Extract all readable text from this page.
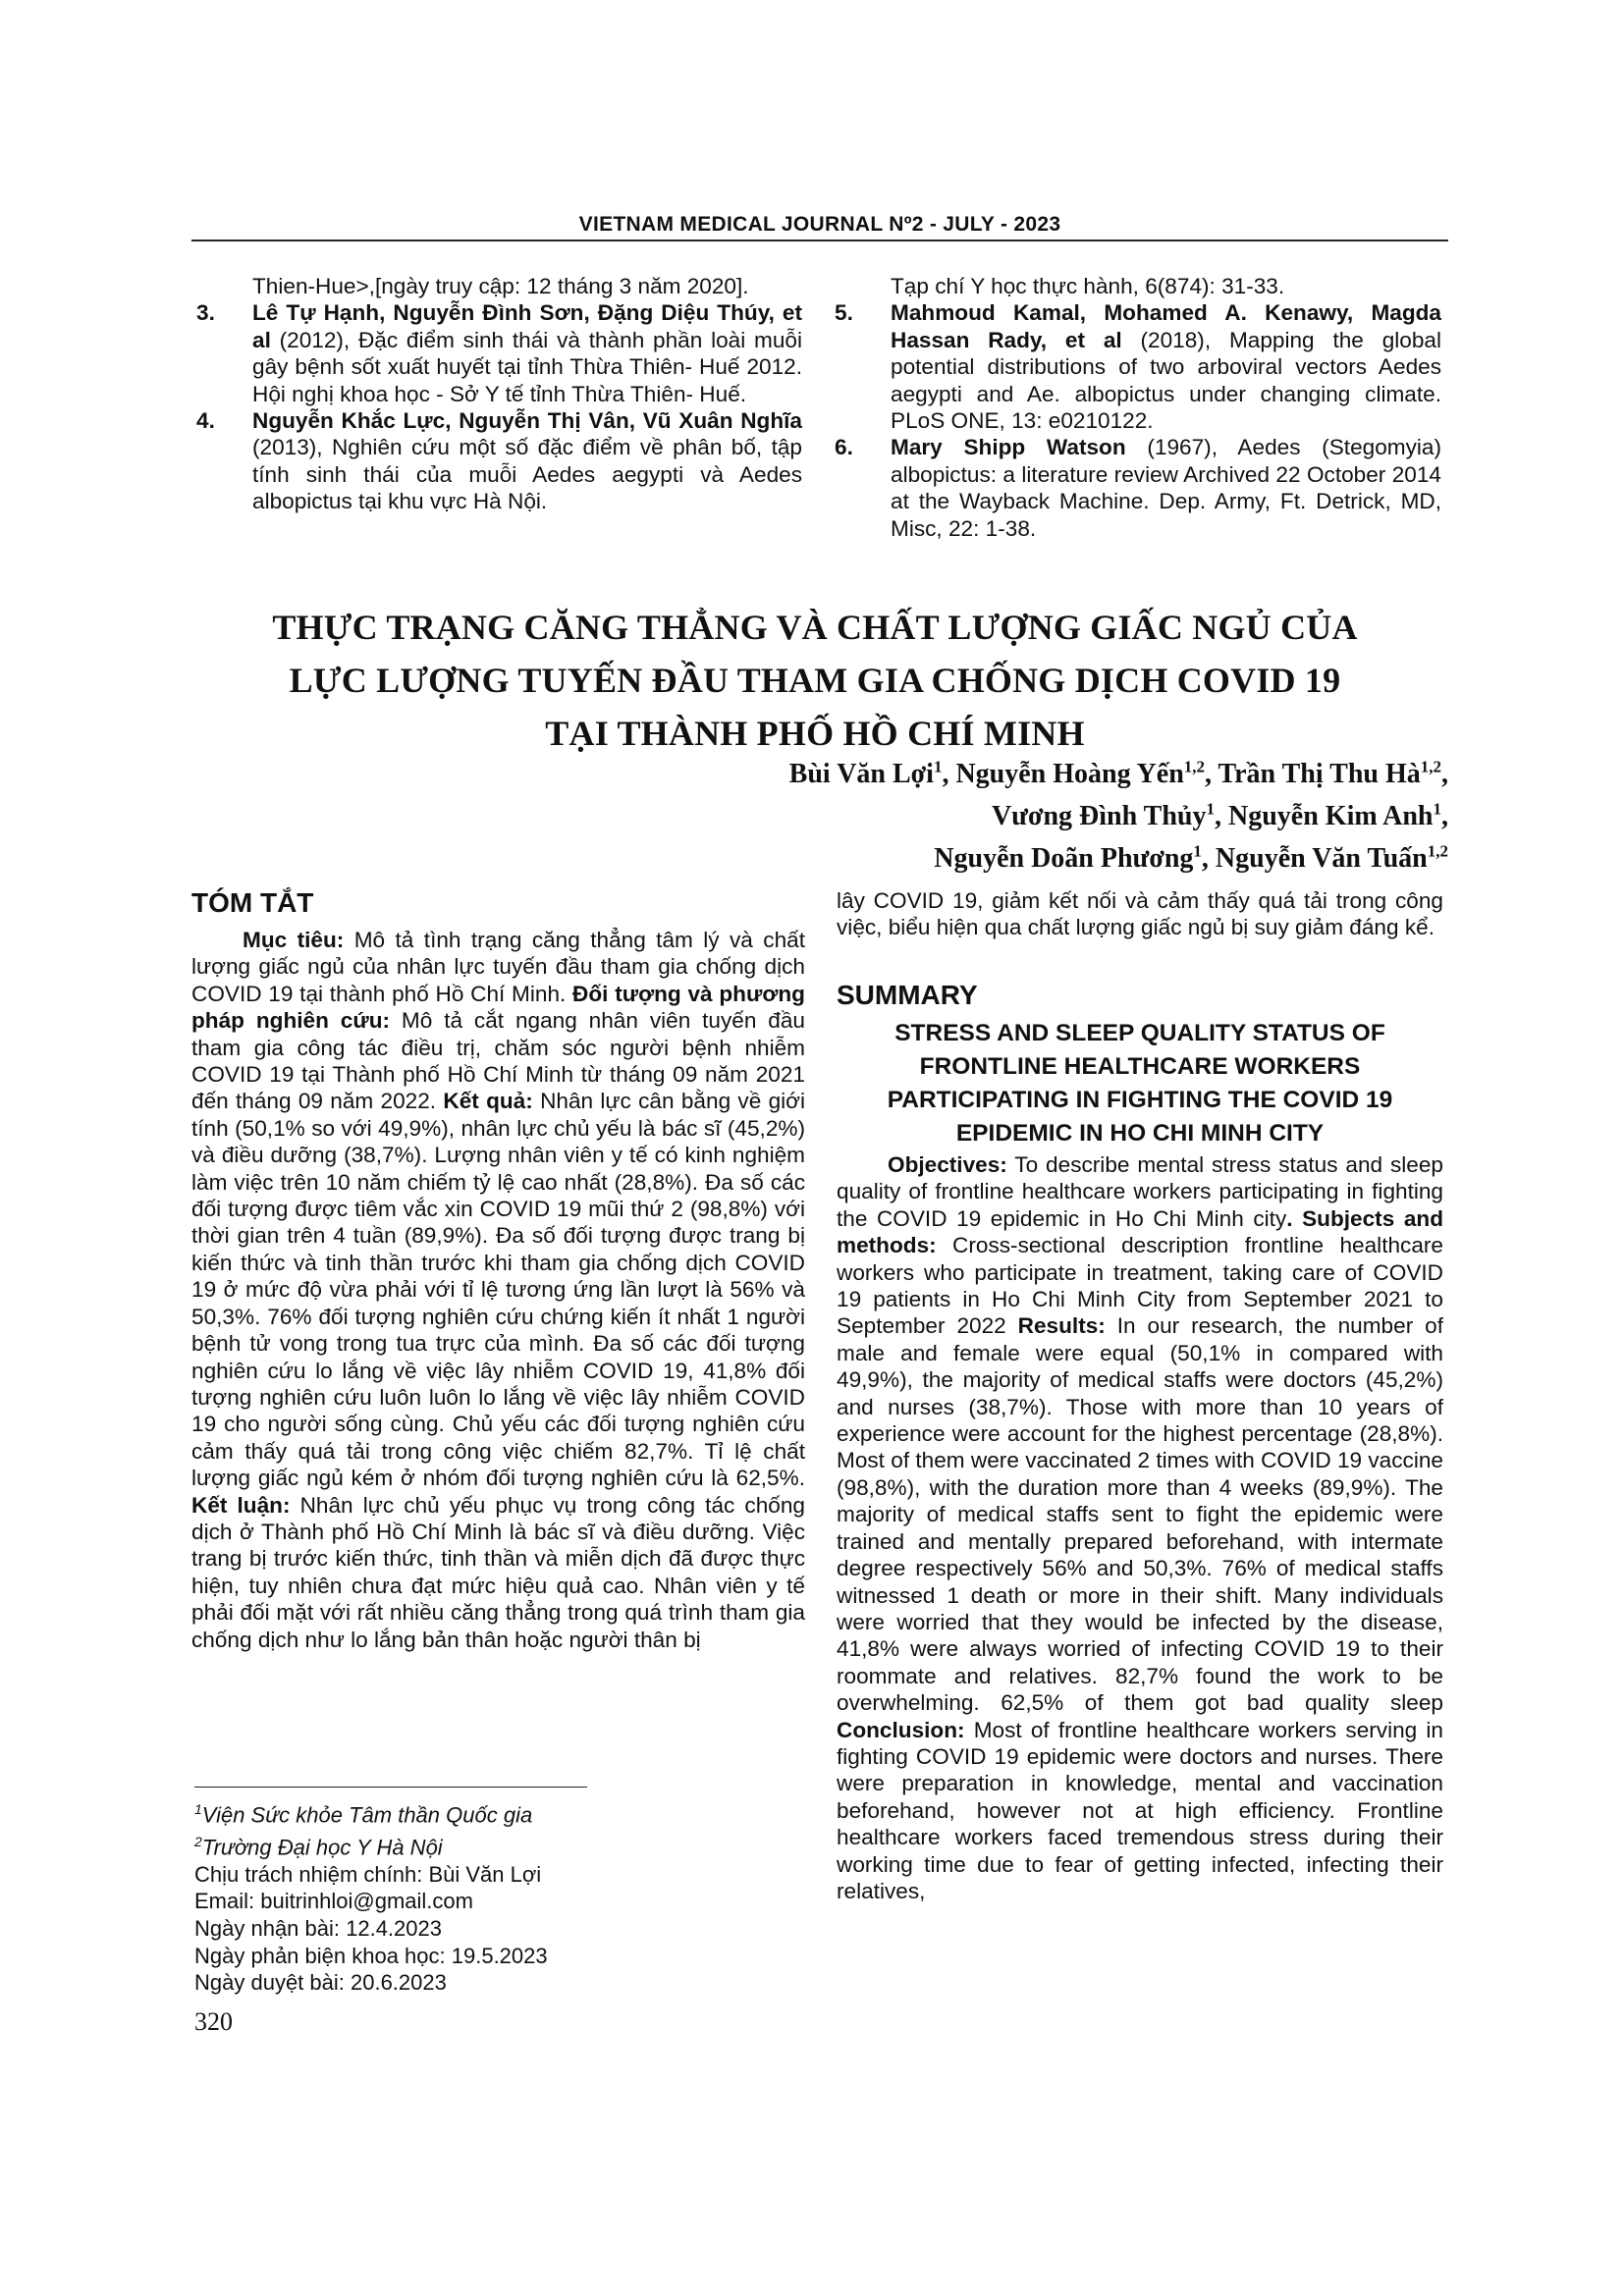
VIETNAM MEDICAL JOURNAL Nº2 - JULY - 2023

Thien-Hue>,[ngày truy cập: 12 tháng 3 năm 2020].

3. Lê Tự Hạnh, Nguyễn Đình Sơn, Đặng Diệu Thúy, et al (2012), Đặc điểm sinh thái và thành phần loài muỗi gây bệnh sốt xuất huyết tại tỉnh Thừa Thiên- Huế 2012. Hội nghị khoa học - Sở Y tế tỉnh Thừa Thiên- Huế.

4. Nguyễn Khắc Lực, Nguyễn Thị Vân, Vũ Xuân Nghĩa (2013), Nghiên cứu một số đặc điểm về phân bố, tập tính sinh thái của muỗi Aedes aegypti và Aedes albopictus tại khu vực Hà Nội.

Tạp chí Y học thực hành, 6(874): 31-33.

5. Mahmoud Kamal, Mohamed A. Kenawy, Magda Hassan Rady, et al (2018), Mapping the global potential distributions of two arboviral vectors Aedes aegypti and Ae. albopictus under changing climate. PLoS ONE, 13: e0210122.

6. Mary Shipp Watson (1967), Aedes (Stegomyia) albopictus: a literature review Archived 22 October 2014 at the Wayback Machine. Dep. Army, Ft. Detrick, MD, Misc, 22: 1-38.

THỰC TRẠNG CĂNG THẲNG VÀ CHẤT LƯỢNG GIẤC NGỦ CỦA
LỰC LƯỢNG TUYẾN ĐẦU THAM GIA CHỐNG DỊCH COVID 19
TẠI THÀNH PHỐ HỒ CHÍ MINH
Bùi Văn Lợi$^1$, Nguyễn Hoàng Yến$^{1,2}$, Trần Thị Thu Hà$^{1,2}$,
Vương Đình Thủy$^1$, Nguyễn Kim Anh$^1$,
Nguyễn Doãn Phương$^1$, Nguyễn Văn Tuấn$^{1,2}$
TÓM TẮT

Mục tiêu: Mô tả tình trạng căng thẳng tâm lý và chất lượng giấc ngủ của nhân lực tuyến đầu tham gia chống dịch COVID 19 tại thành phố Hồ Chí Minh. Đối tượng và phương pháp nghiên cứu: Mô tả cắt ngang nhân viên tuyến đầu tham gia công tác điều trị, chăm sóc người bệnh nhiễm COVID 19 tại Thành phố Hồ Chí Minh từ tháng 09 năm 2021 đến tháng 09 năm 2022. Kết quả: Nhân lực cân bằng về giới tính (50,1% so với 49,9%), nhân lực chủ yếu là bác sĩ (45,2%) và điều dưỡng (38,7%). Lượng nhân viên y tế có kinh nghiệm làm việc trên 10 năm chiếm tỷ lệ cao nhất (28,8%). Đa số các đối tượng được tiêm vắc xin COVID 19 mũi thứ 2 (98,8%) với thời gian trên 4 tuần (89,9%). Đa số đối tượng được trang bị kiến thức và tinh thần trước khi tham gia chống dịch COVID 19 ở mức độ vừa phải với tỉ lệ tương ứng lần lượt là 56% và 50,3%. 76% đối tượng nghiên cứu chứng kiến ít nhất 1 người bệnh tử vong trong tua trực của mình. Đa số các đối tượng nghiên cứu lo lắng về việc lây nhiễm COVID 19, 41,8% đối tượng nghiên cứu luôn luôn lo lắng về việc lây nhiễm COVID 19 cho người sống cùng. Chủ yếu các đối tượng nghiên cứu cảm thấy quá tải trong công việc chiếm 82,7%. Tỉ lệ chất lượng giấc ngủ kém ở nhóm đối tượng nghiên cứu là 62,5%. Kết luận: Nhân lực chủ yếu phục vụ trong công tác chống dịch ở Thành phố Hồ Chí Minh là bác sĩ và điều dưỡng. Việc trang bị trước kiến thức, tinh thần và miễn dịch đã được thực hiện, tuy nhiên chưa đạt mức hiệu quả cao. Nhân viên y tế phải đối mặt với rất nhiều căng thẳng trong quá trình tham gia chống dịch như lo lắng bản thân hoặc người thân bị

lây COVID 19, giảm kết nối và cảm thấy quá tải trong công việc, biểu hiện qua chất lượng giấc ngủ bị suy giảm đáng kể.

SUMMARY
STRESS AND SLEEP QUALITY STATUS OF FRONTLINE HEALTHCARE WORKERS PARTICIPATING IN FIGHTING THE COVID 19 EPIDEMIC IN HO CHI MINH CITY

Objectives: To describe mental stress status and sleep quality of frontline healthcare workers participating in fighting the COVID 19 epidemic in Ho Chi Minh city. Subjects and methods: Cross-sectional description frontline healthcare workers who participate in treatment, taking care of COVID 19 patients in Ho Chi Minh City from September 2021 to September 2022 Results: In our research, the number of male and female were equal (50,1% in compared with 49,9%), the majority of medical staffs were doctors (45,2%) and nurses (38,7%). Those with more than 10 years of experience were account for the highest percentage (28,8%). Most of them were vaccinated 2 times with COVID 19 vaccine (98,8%), with the duration more than 4 weeks (89,9%). The majority of medical staffs sent to fight the epidemic were trained and mentally prepared beforehand, with intermate degree respectively 56% and 50,3%. 76% of medical staffs witnessed 1 death or more in their shift. Many individuals were worried that they would be infected by the disease, 41,8% were always worried of infecting COVID 19 to their roommate and relatives. 82,7% found the work to be overwhelming. 62,5% of them got bad quality sleep Conclusion: Most of frontline healthcare workers serving in fighting COVID 19 epidemic were doctors and nurses. There were preparation in knowledge, mental and vaccination beforehand, however not at high efficiency. Frontline healthcare workers faced tremendous stress during their working time due to fear of getting infected, infecting their relatives,

$^1$Viện Sức khỏe Tâm thần Quốc gia
$^2$Trường Đại học Y Hà Nội
Chịu trách nhiệm chính: Bùi Văn Lợi
Email: buitrinhloi@gmail.com
Ngày nhận bài: 12.4.2023
Ngày phản biện khoa học: 19.5.2023
Ngày duyệt bài: 20.6.2023
320
